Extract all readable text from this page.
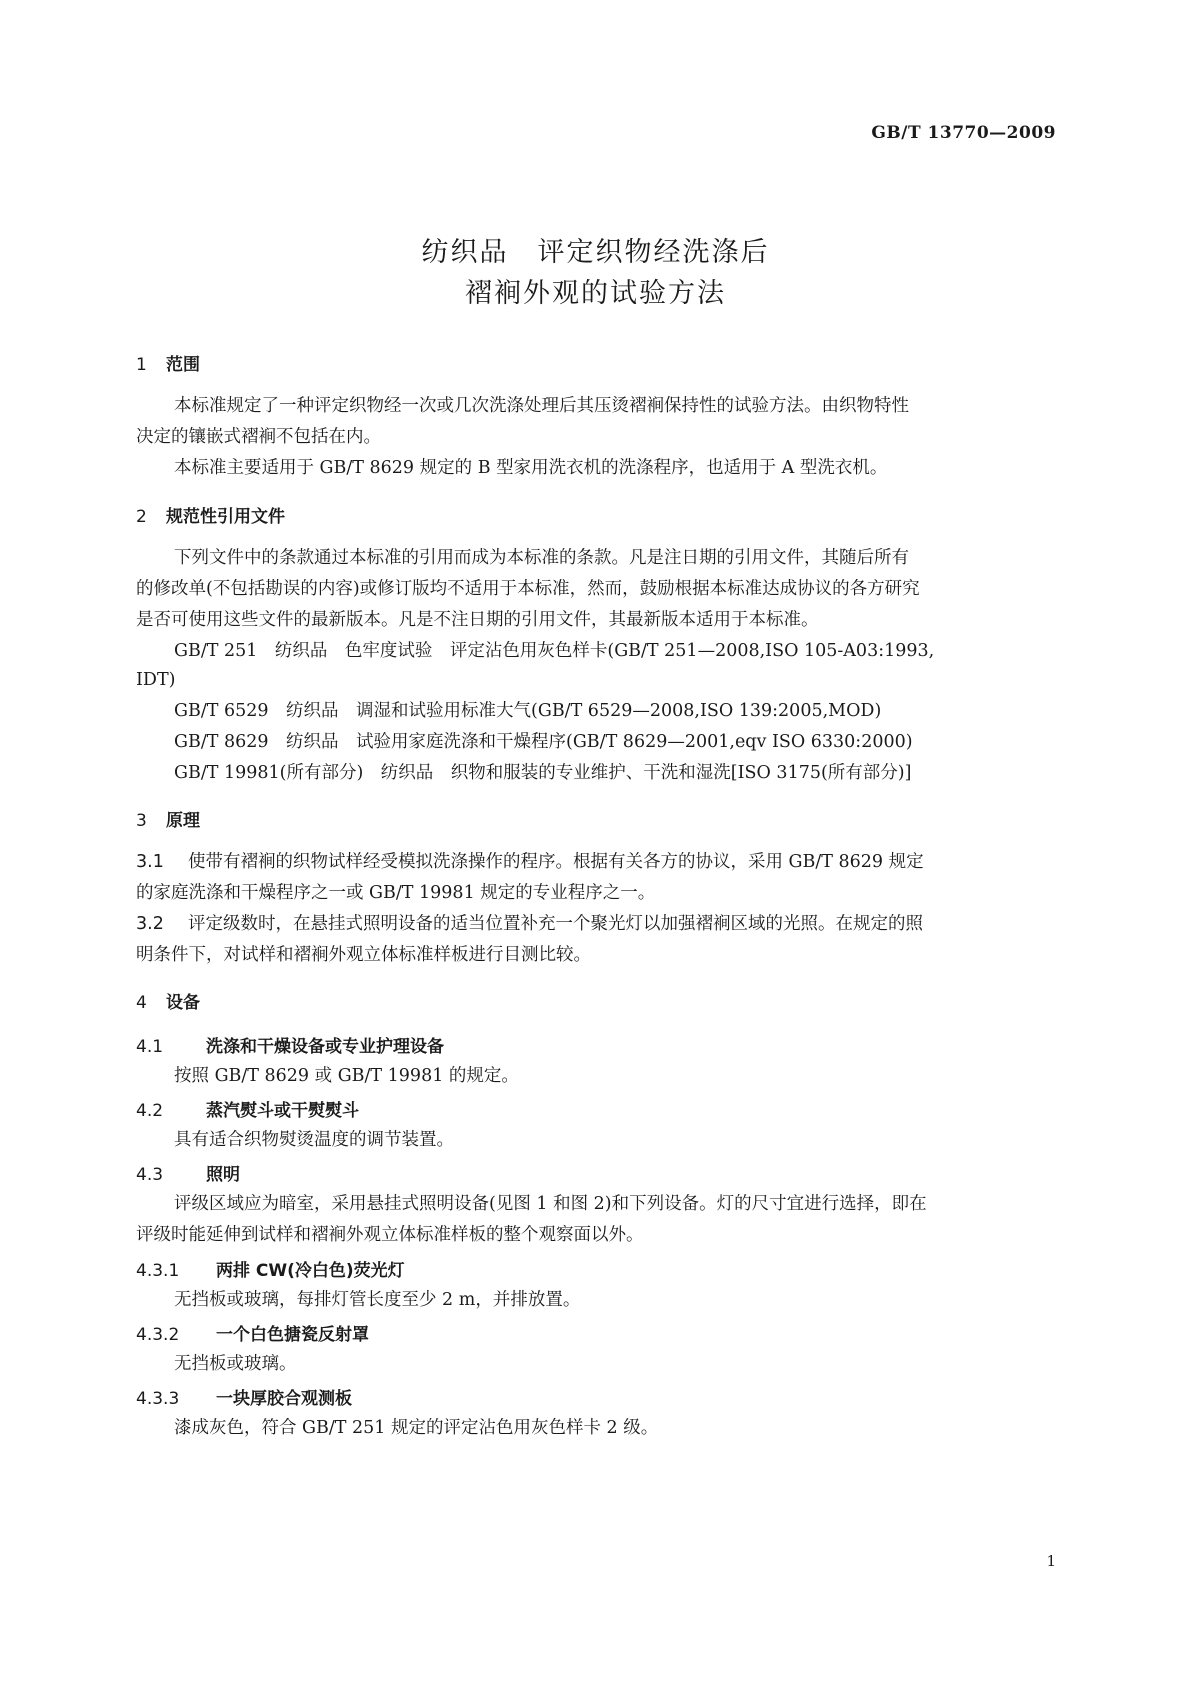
GB/T 13770—2009
纺织品　评定织物经洗涤后
褶裥外观的试验方法
1 范围
本标准规定了一种评定织物经一次或几次洗涤处理后其压烫褶裥保持性的试验方法。由织物特性
决定的镶嵌式褶裥不包括在内。
本标准主要适用于 GB/T 8629 规定的 B 型家用洗衣机的洗涤程序，也适用于 A 型洗衣机。
2 规范性引用文件
下列文件中的条款通过本标准的引用而成为本标准的条款。凡是注日期的引用文件，其随后所有
的修改单(不包括勘误的内容)或修订版均不适用于本标准，然而，鼓励根据本标准达成协议的各方研究
是否可使用这些文件的最新版本。凡是不注日期的引用文件，其最新版本适用于本标准。
GB/T 251　纺织品　色牢度试验　评定沾色用灰色样卡(GB/T 251—2008,ISO 105-A03:1993,
IDT)
GB/T 6529　纺织品　调湿和试验用标准大气(GB/T 6529—2008,ISO 139:2005,MOD)
GB/T 8629　纺织品　试验用家庭洗涤和干燥程序(GB/T 8629—2001,eqv ISO 6330:2000)
GB/T 19981(所有部分)　纺织品　织物和服装的专业维护、干洗和湿洗[ISO 3175(所有部分)]
3 原理
3.1 使带有褶裥的织物试样经受模拟洗涤操作的程序。根据有关各方的协议，采用 GB/T 8629 规定
的家庭洗涤和干燥程序之一或 GB/T 19981 规定的专业程序之一。
3.2 评定级数时，在悬挂式照明设备的适当位置补充一个聚光灯以加强褶裥区域的光照。在规定的照
明条件下，对试样和褶裥外观立体标准样板进行目测比较。
4 设备
4.1	洗涤和干燥设备或专业护理设备
按照 GB/T 8629 或 GB/T 19981 的规定。
4.2	蒸汽熨斗或干熨熨斗
具有适合织物熨烫温度的调节装置。
4.3	照明
评级区域应为暗室，采用悬挂式照明设备(见图 1 和图 2)和下列设备。灯的尺寸宜进行选择，即在
评级时能延伸到试样和褶裥外观立体标准样板的整个观察面以外。
4.3.1 两排 CW(冷白色)荧光灯
无挡板或玻璃，每排灯管长度至少 2 m，并排放置。
4.3.2 一个白色搪瓷反射罩
无挡板或玻璃。
4.3.3 一块厚胶合观测板
漆成灰色，符合 GB/T 251 规定的评定沾色用灰色样卡 2 级。
1
